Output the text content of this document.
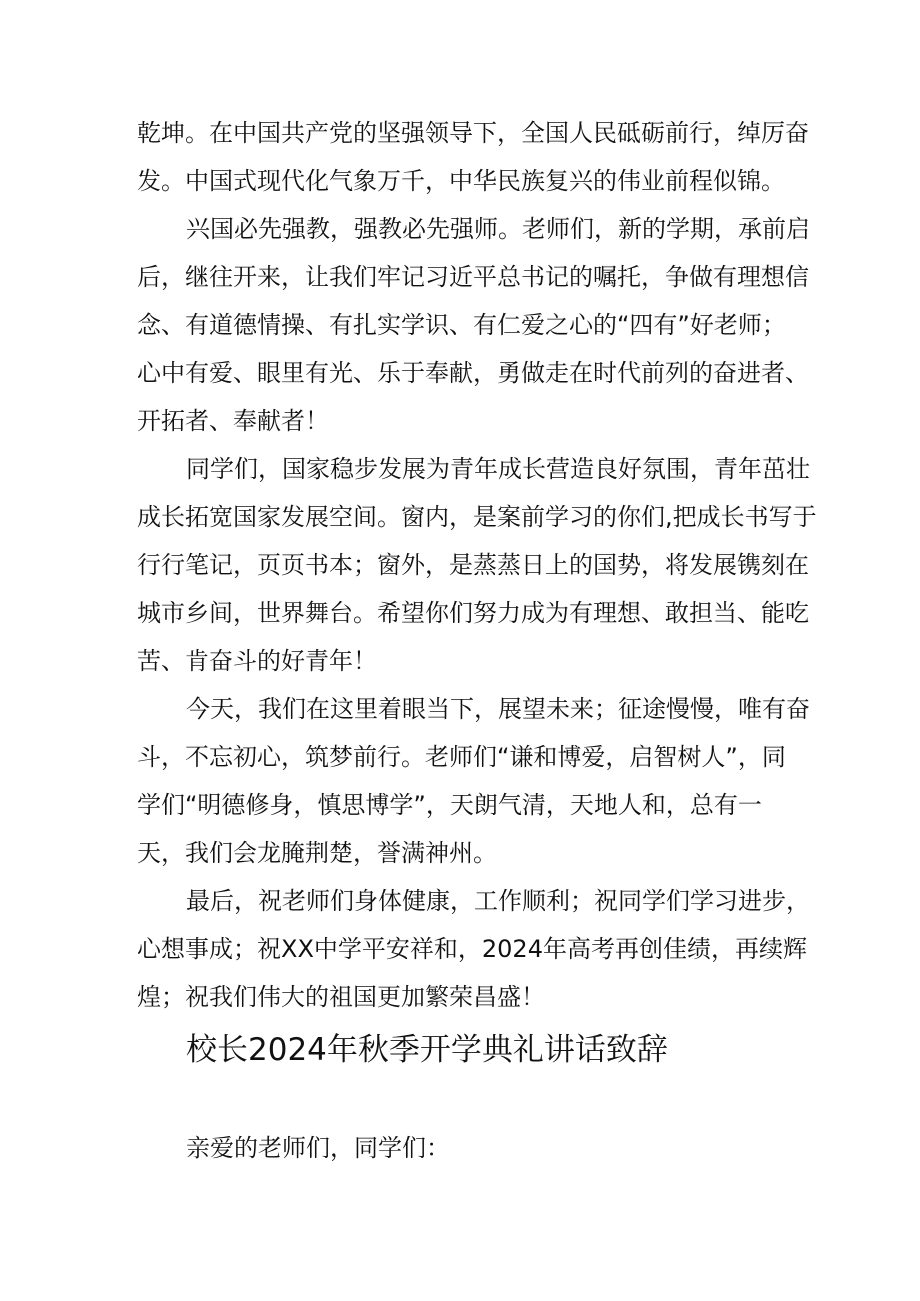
乾坤。在中国共产党的坚强领导下，全国人民砥砺前行，绰厉奋
发。中国式现代化气象万千，中华民族复兴的伟业前程似锦。
兴国必先强教，强教必先强师。老师们，新的学期，承前启
后，继往开来，让我们牢记习近平总书记的嘱托，争做有理想信
念、有道德情操、有扎实学识、有仁爱之心的“四有”好老师；
心中有爱、眼里有光、乐于奉献，勇做走在时代前列的奋进者、
开拓者、奉献者！
同学们，国家稳步发展为青年成长营造良好氛围，青年茁壮
成长拓宽国家发展空间。窗内，是案前学习的你们,把成长书写于
行行笔记，页页书本；窗外，是蒸蒸日上的国势，将发展镌刻在
城市乡间，世界舞台。希望你们努力成为有理想、敢担当、能吃
苦、肯奋斗的好青年！
今天，我们在这里着眼当下，展望未来；征途慢慢，唯有奋
斗，不忘初心，筑梦前行。老师们“谦和博爱，启智树人”，同
学们“明德修身，慎思博学”，天朗气清，天地人和，总有一
天，我们会龙腌荆楚，誉满神州。
最后，祝老师们身体健康，工作顺利；祝同学们学习进步，
心想事成；祝XX中学平安祥和，2024年高考再创佳绩，再续辉
煌；祝我们伟大的祖国更加繁荣昌盛！
校长2024年秋季开学典礼讲话致辞
亲爱的老师们，同学们：
